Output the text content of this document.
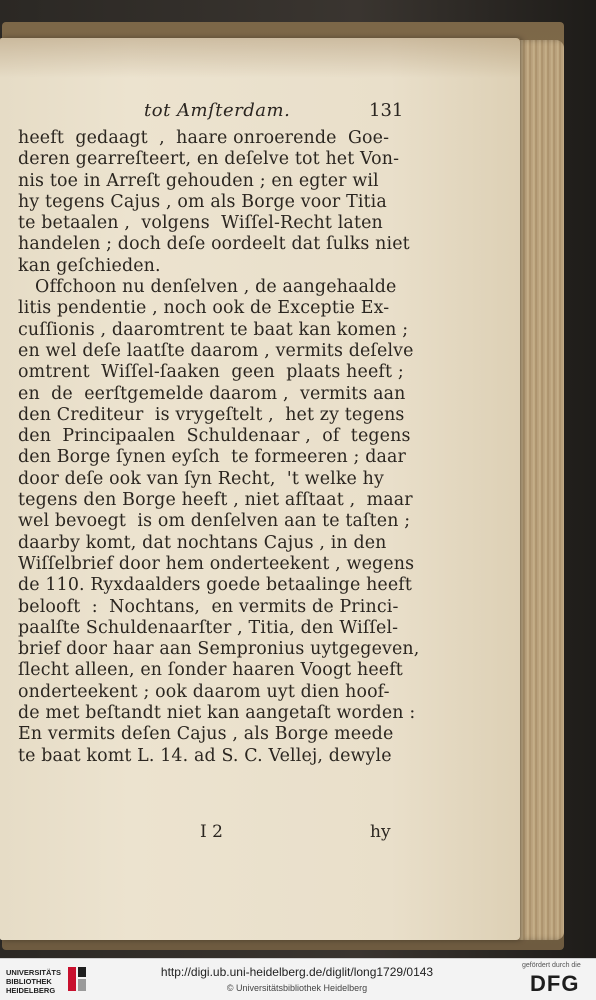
tot Amſterdam.	131
heeft  gedaagt  ,  haare onroerende  Goe-
deren gearreſteert, en deſelve tot het Von-
nis toe in Arreſt gehouden ; en egter wil
hy tegens Cajus , om als Borge voor Titia
te betaalen ,  volgens  Wiſſel-Recht laten
handelen ; doch deſe oordeelt dat ſulks niet
kan geſchieden.
Offchoon nu denſelven , de aangehaalde
litis pendentie , noch ook de Exceptie Ex-
cuſſionis , daaromtrent te baat kan komen ;
en wel deſe laatſte daarom , vermits deſelve
omtrent  Wiſſel-ſaaken  geen  plaats heeft ;
en  de  eerſtgemelde daarom ,  vermits aan
den Crediteur  is vrygeſtelt ,  het zy tegens
den  Principaalen  Schuldenaar ,  of  tegens
den Borge ſynen eyſch  te formeeren ; daar
door deſe ook van ſyn Recht,  't welke hy
tegens den Borge heeft , niet afſtaat ,  maar
wel bevoegt  is om denſelven aan te taſten ;
daarby komt, dat nochtans Cajus , in den
Wiſſelbrief door hem onderteekent , wegens
de 110. Ryxdaalders goede betaalinge heeft
belooft  :  Nochtans,  en vermits de Princi-
paalſte Schuldenaarſter , Titia, den Wiſſel-
brief door haar aan Sempronius uytgegeven,
ſlecht alleen, en ſonder haaren Voogt heeft
onderteekent ; ook daarom uyt dien hoof-
de met beſtandt niet kan aangetaſt worden :
En vermits deſen Cajus , als Borge meede
te baat komt L. 14. ad S. C. Vellej, dewyle
I 2	hy
UNIVERSITÄTS BIBLIOTHEK HEIDELBERG
http://digi.ub.uni-heidelberg.de/diglit/long1729/0143
© Universitätsbibliothek Heidelberg
gefördert durch die
DFG
